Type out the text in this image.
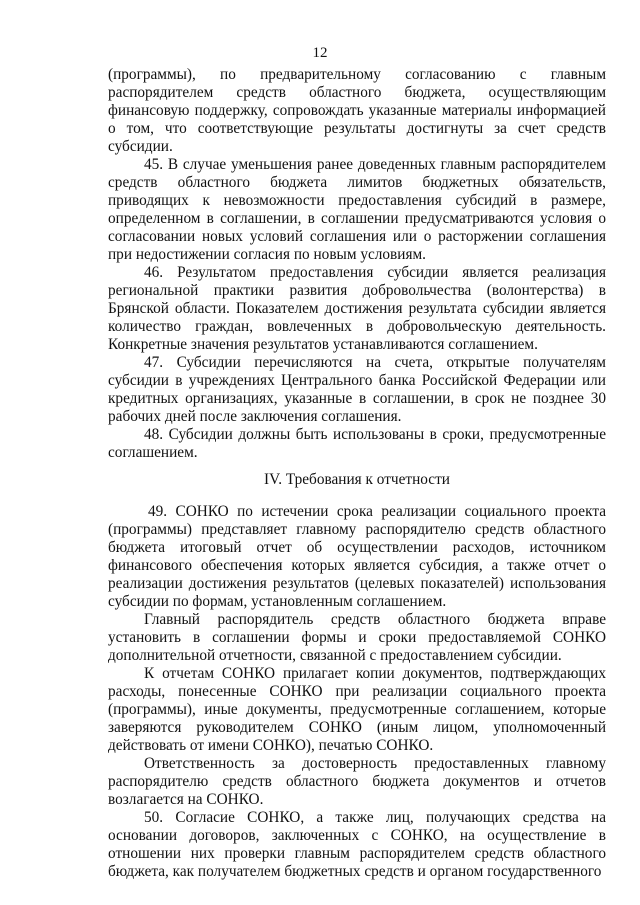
12

(программы), по предварительному согласованию с главным распорядителем средств областного бюджета, осуществляющим финансовую поддержку, сопровождать указанные материалы информацией о том, что соответствующие результаты достигнуты за счет средств субсидии.

45. В случае уменьшения ранее доведенных главным распорядителем средств областного бюджета лимитов бюджетных обязательств, приводящих к невозможности предоставления субсидий в размере, определенном в соглашении, в соглашении предусматриваются условия о согласовании новых условий соглашения или о расторжении соглашения при недостижении согласия по новым условиям.

46. Результатом предоставления субсидии является реализация региональной практики развития добровольчества (волонтерства) в Брянской области. Показателем достижения результата субсидии является количество граждан, вовлеченных в добровольческую деятельность. Конкретные значения результатов устанавливаются соглашением.

47. Субсидии перечисляются на счета, открытые получателям субсидии в учреждениях Центрального банка Российской Федерации или кредитных организациях, указанные в соглашении, в срок не позднее 30 рабочих дней после заключения соглашения.

48. Субсидии должны быть использованы в сроки, предусмотренные соглашением.

IV. Требования к отчетности

49. СОНКО по истечении срока реализации социального проекта (программы) представляет главному распорядителю средств областного бюджета итоговый отчет об осуществлении расходов, источником финансового обеспечения которых является субсидия, а также отчет о реализации достижения результатов (целевых показателей) использования субсидии по формам, установленным соглашением.

Главный распорядитель средств областного бюджета вправе установить в соглашении формы и сроки предоставляемой СОНКО дополнительной отчетности, связанной с предоставлением субсидии.

К отчетам СОНКО прилагает копии документов, подтверждающих расходы, понесенные СОНКО при реализации социального проекта (программы), иные документы, предусмотренные соглашением, которые заверяются руководителем СОНКО (иным лицом, уполномоченный действовать от имени СОНКО), печатью СОНКО.

Ответственность за достоверность предоставленных главному распорядителю средств областного бюджета документов и отчетов возлагается на СОНКО.

50. Согласие СОНКО, а также лиц, получающих средства на основании договоров, заключенных с СОНКО, на осуществление в отношении них проверки главным распорядителем средств областного бюджета, как получателем бюджетных средств и органом государственного
